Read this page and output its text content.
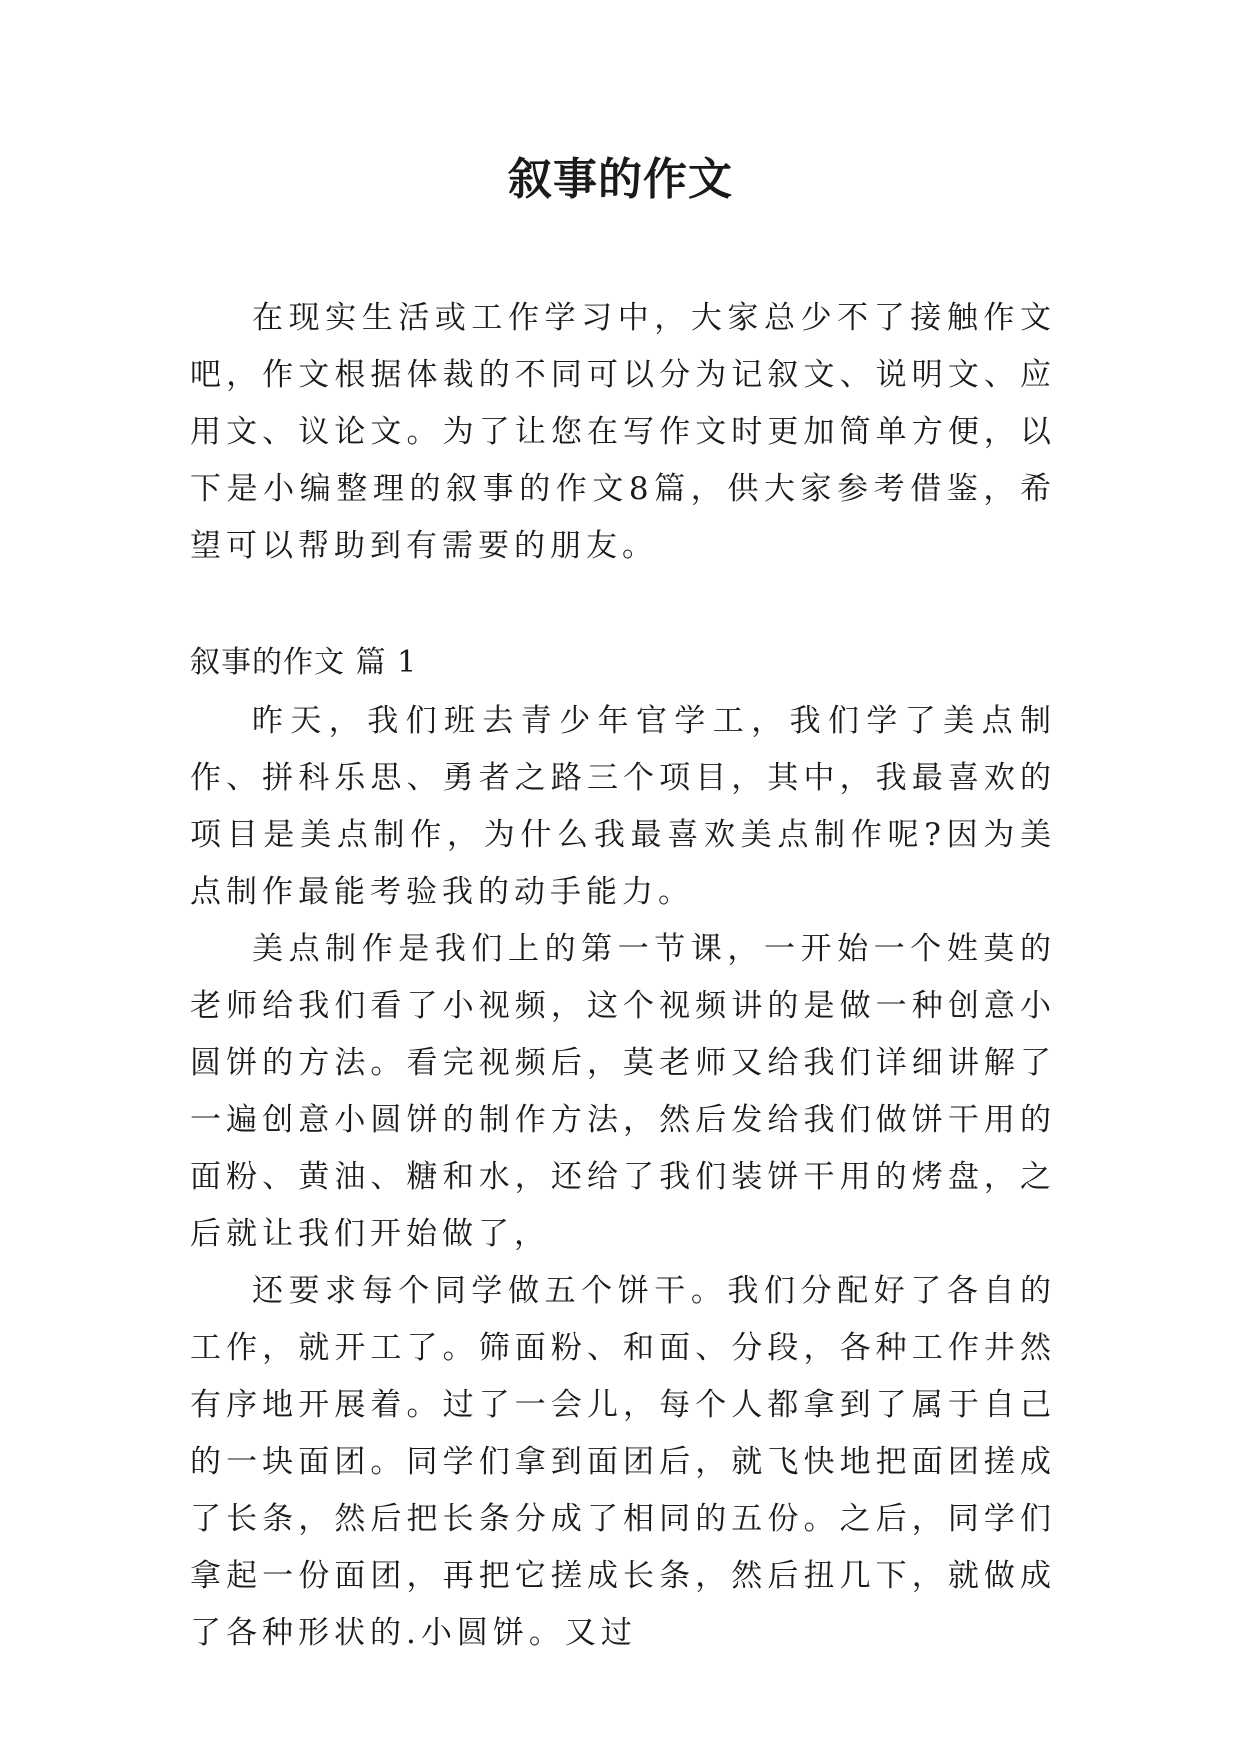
叙事的作文

在现实生活或工作学习中，大家总少不了接触作文吧，作文根据体裁的不同可以分为记叙文、说明文、应用文、议论文。为了让您在写作文时更加简单方便，以下是小编整理的叙事的作文8篇，供大家参考借鉴，希望可以帮助到有需要的朋友。

叙事的作文 篇 1

昨天，我们班去青少年官学工，我们学了美点制作、拼科乐思、勇者之路三个项目，其中，我最喜欢的项目是美点制作，为什么我最喜欢美点制作呢?因为美点制作最能考验我的动手能力。

美点制作是我们上的第一节课，一开始一个姓莫的老师给我们看了小视频，这个视频讲的是做一种创意小圆饼的方法。看完视频后，莫老师又给我们详细讲解了一遍创意小圆饼的制作方法，然后发给我们做饼干用的面粉、黄油、糖和水，还给了我们装饼干用的烤盘，之后就让我们开始做了，

还要求每个同学做五个饼干。我们分配好了各自的工作，就开工了。筛面粉、和面、分段，各种工作井然有序地开展着。过了一会儿，每个人都拿到了属于自己的一块面团。同学们拿到面团后，就飞快地把面团搓成了长条，然后把长条分成了相同的五份。之后，同学们拿起一份面团，再把它搓成长条，然后扭几下，就做成了各种形状的.小圆饼。又过
